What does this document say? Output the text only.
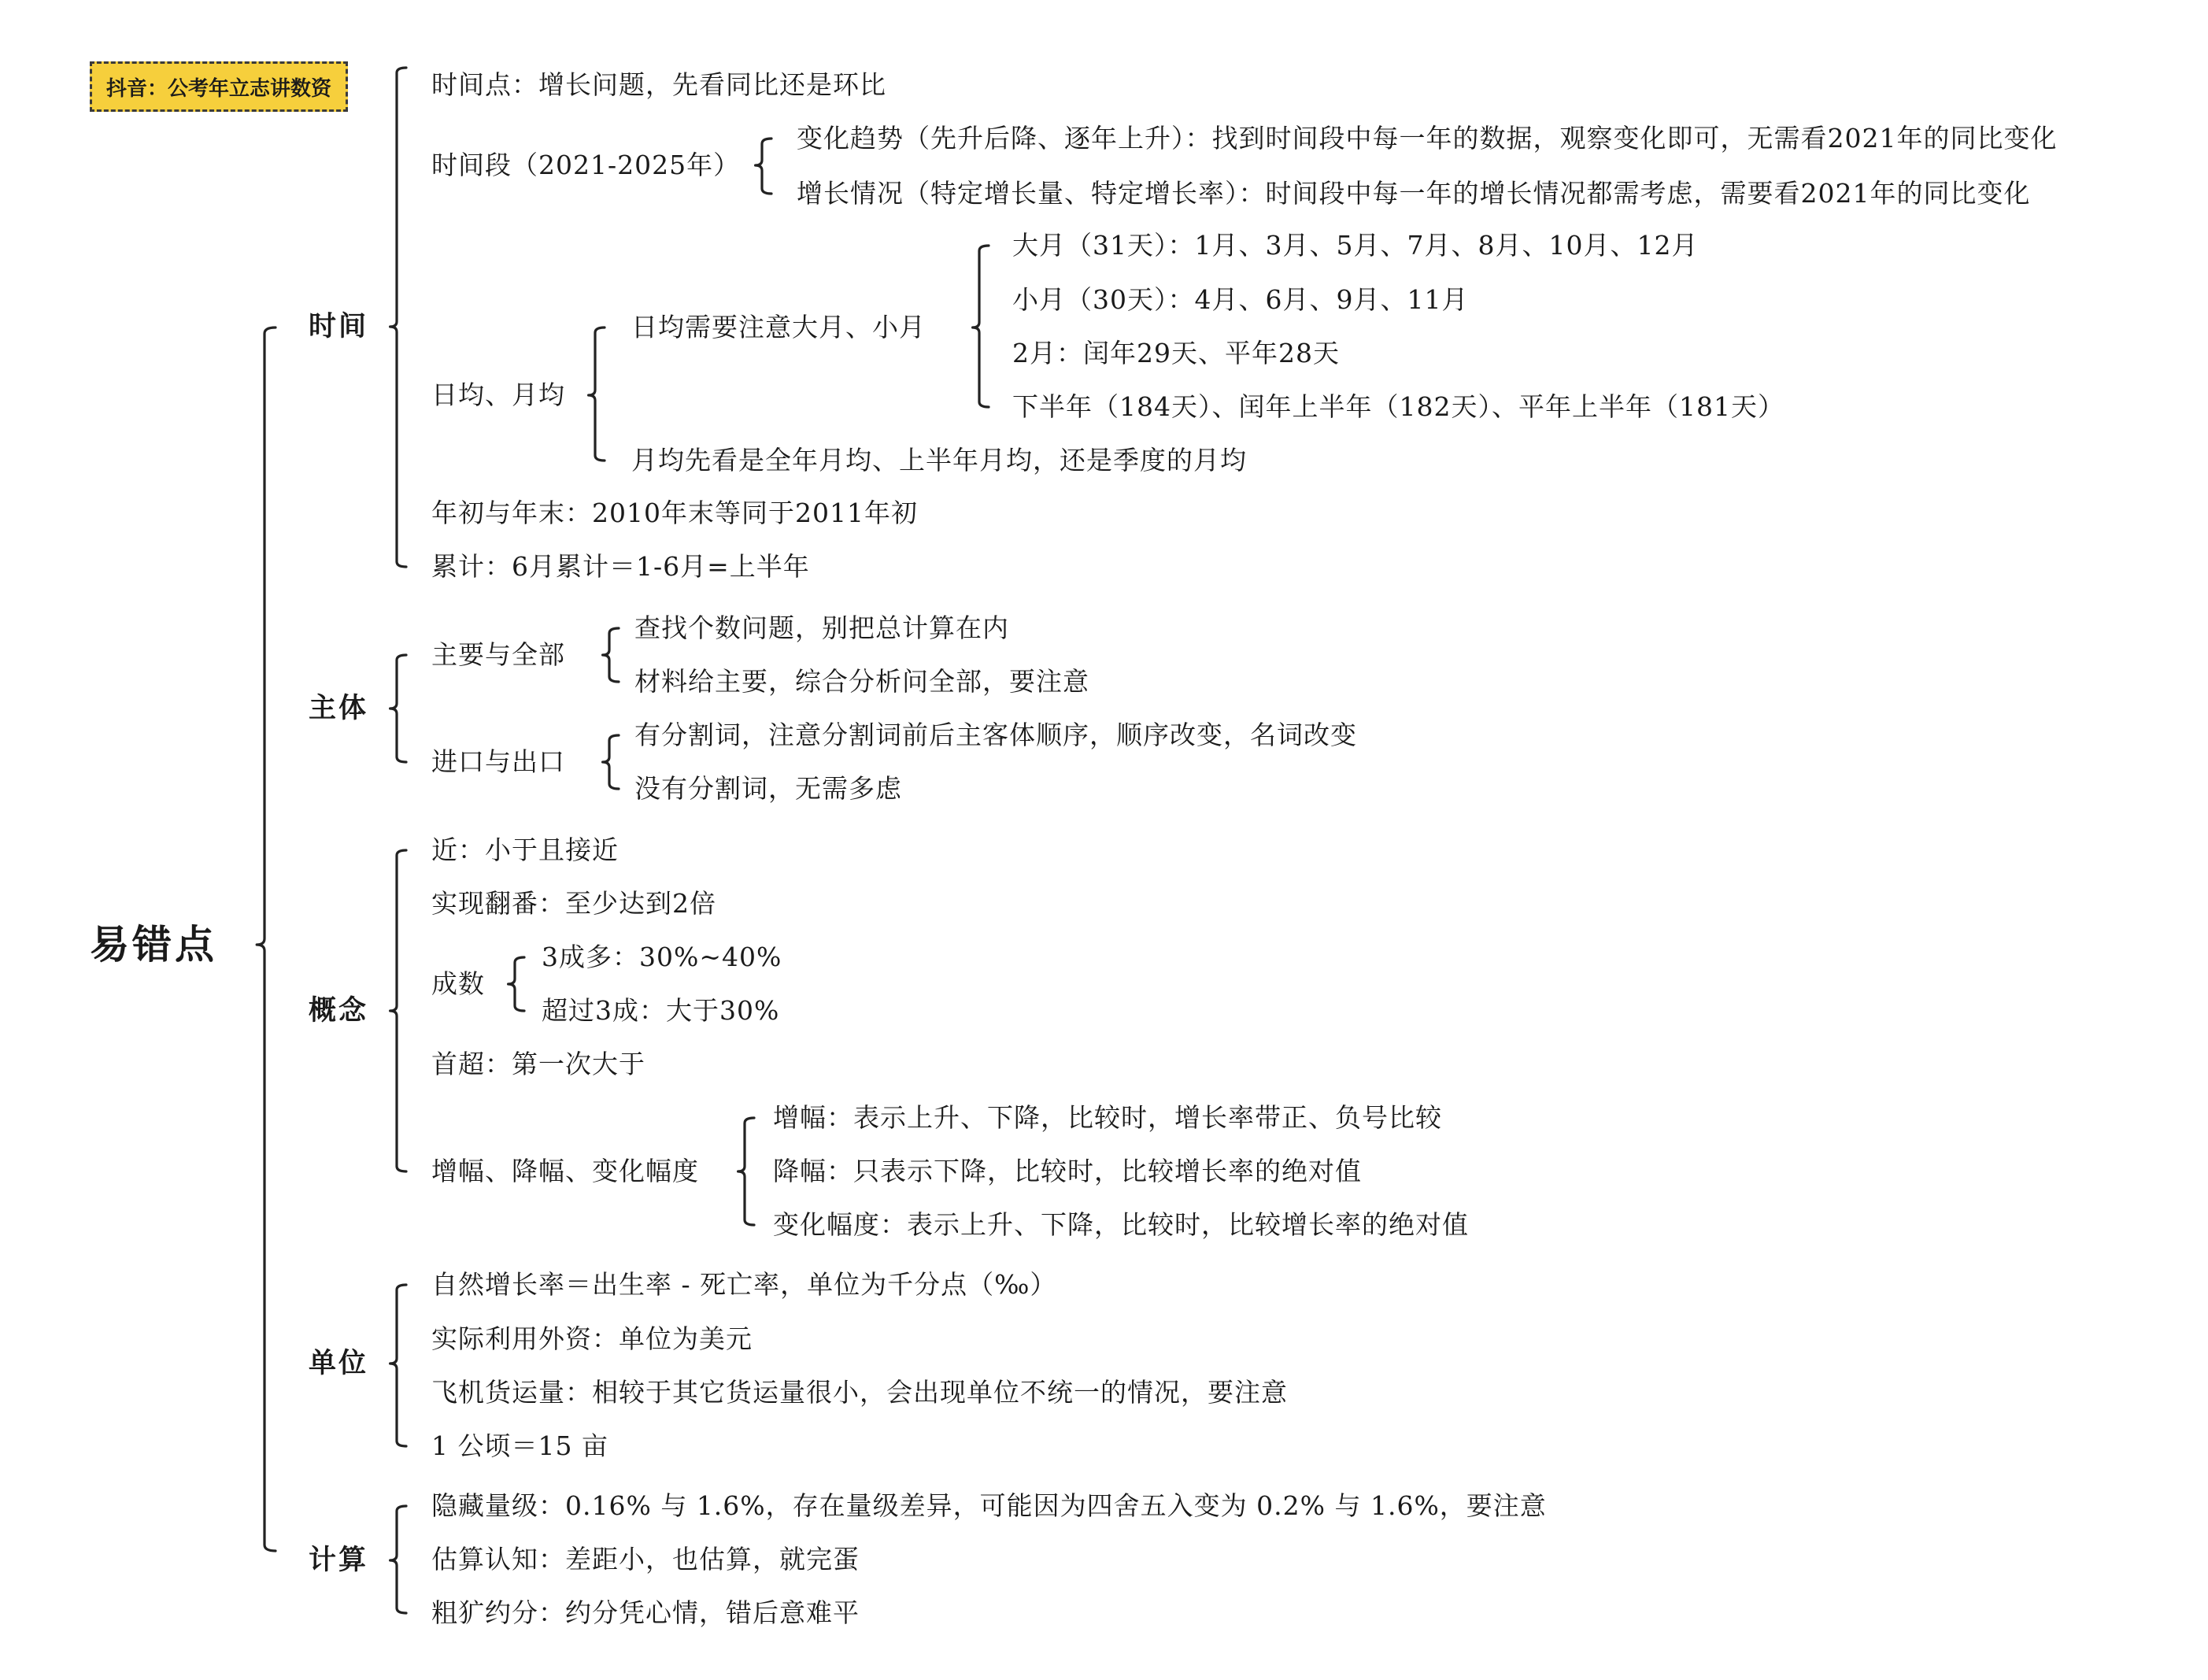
抖音：公考年立志讲数资
易错点
时间
主体
概念
单位
计算
时间点：增长问题，先看同比还是环比
时间段（2021-2025年）
变化趋势（先升后降、逐年上升）：找到时间段中每一年的数据，观察变化即可，无需看2021年的同比变化
增长情况（特定增长量、特定增长率）：时间段中每一年的增长情况都需考虑，需要看2021年的同比变化
日均、月均
日均需要注意大月、小月
大月（31天）：1月、3月、5月、7月、8月、10月、12月
小月（30天）：4月、6月、9月、11月
2月：闰年29天、平年28天
下半年（184天）、闰年上半年（182天）、平年上半年（181天）
月均先看是全年月均、上半年月均，还是季度的月均
年初与年末：2010年末等同于2011年初
累计：6月累计＝1-6月=上半年
主要与全部
查找个数问题，别把总计算在内
材料给主要，综合分析问全部，要注意
进口与出口
有分割词，注意分割词前后主客体顺序，顺序改变，名词改变
没有分割词，无需多虑
近：小于且接近
实现翻番：至少达到2倍
成数
3成多：30%~40%
超过3成：大于30%
首超：第一次大于
增幅、降幅、变化幅度
增幅：表示上升、下降，比较时，增长率带正、负号比较
降幅：只表示下降，比较时，比较增长率的绝对值
变化幅度：表示上升、下降，比较时，比较增长率的绝对值
自然增长率＝出生率 - 死亡率，单位为千分点（‰）
实际利用外资：单位为美元
飞机货运量：相较于其它货运量很小，会出现单位不统一的情况，要注意
1 公顷＝15 亩
隐藏量级：0.16% 与 1.6%，存在量级差异，可能因为四舍五入变为 0.2% 与 1.6%，要注意
估算认知：差距小，也估算，就完蛋
粗犷约分：约分凭心情，错后意难平
